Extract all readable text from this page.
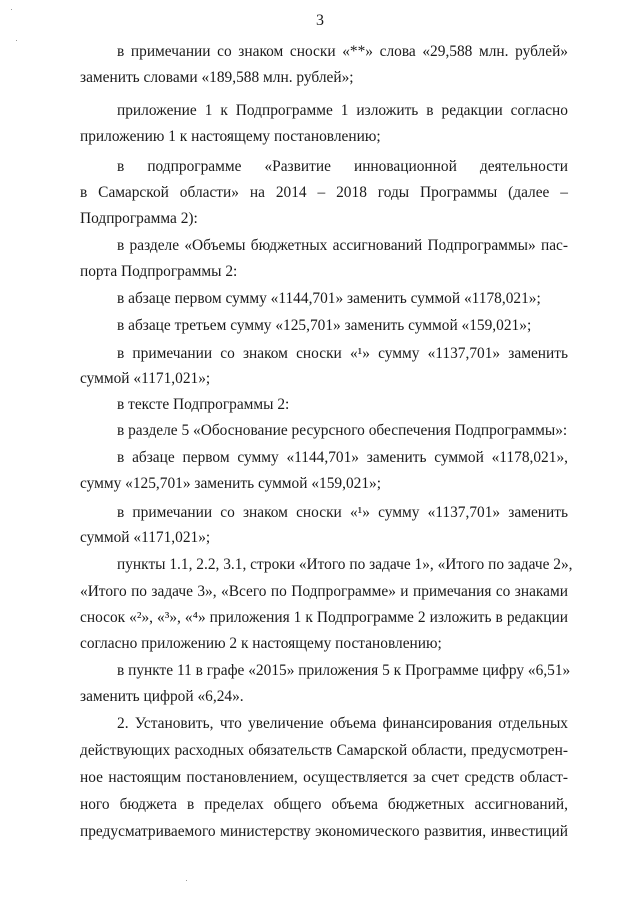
3
в примечании со знаком сноски «**» слова «29,588 млн. рублей»
заменить словами «189,588 млн. рублей»;
приложение 1 к Подпрограмме 1 изложить в редакции согласно
приложению 1 к настоящему постановлению;
в подпрограмме «Развитие инновационной деятельности
в Самарской области» на 2014 – 2018 годы Программы (далее –
Подпрограмма 2):
в разделе «Объемы бюджетных ассигнований Подпрограммы» пас-
порта Подпрограммы 2:
в абзаце первом сумму «1144,701» заменить суммой «1178,021»;
в абзаце третьем сумму «125,701» заменить суммой «159,021»;
в примечании со знаком сноски «¹» сумму «1137,701» заменить
суммой «1171,021»;
в тексте Подпрограммы 2:
в разделе 5 «Обоснование ресурсного обеспечения Подпрограммы»:
в абзаце первом сумму «1144,701» заменить суммой «1178,021»,
сумму «125,701» заменить суммой «159,021»;
в примечании со знаком сноски «¹» сумму «1137,701» заменить
суммой «1171,021»;
пункты 1.1, 2.2, 3.1, строки «Итого по задаче 1», «Итого по задаче 2»,
«Итого по задаче 3», «Всего по Подпрограмме» и примечания со знаками
сносок «²», «³», «⁴» приложения 1 к Подпрограмме 2 изложить в редакции
согласно приложению 2 к настоящему постановлению;
в пункте 11 в графе «2015» приложения 5 к Программе цифру «6,51»
заменить цифрой «6,24».
2. Установить, что увеличение объема финансирования отдельных
действующих расходных обязательств Самарской области, предусмотрен-
ное настоящим постановлением, осуществляется за счет средств област-
ного бюджета в пределах общего объема бюджетных ассигнований,
предусматриваемого министерству экономического развития, инвестиций
